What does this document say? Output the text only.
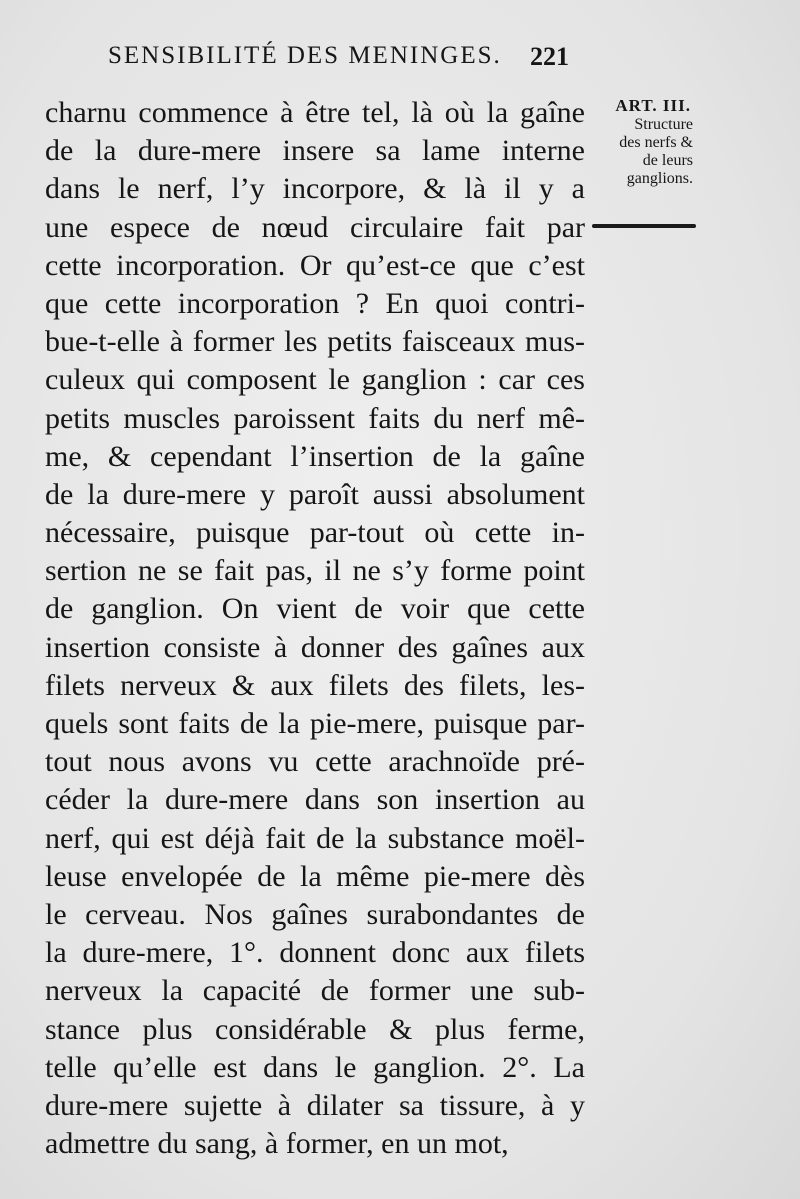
SENSIBILITÉ DES MENINGES. 221
ART. III.
Structure
des nerfs &
de leurs
ganglions.
charnu commence à être tel, là où la gaîne
de la dure-mere insere sa lame interne
dans le nerf, l’y incorpore, & là il y a
une espece de nœud circulaire fait par
cette incorporation. Or qu’est-ce que c’est
que cette incorporation ? En quoi contri-
bue-t-elle à former les petits faisceaux mus-
culeux qui composent le ganglion : car ces
petits muscles paroissent faits du nerf mê-
me, & cependant l’insertion de la gaîne
de la dure-mere y paroît aussi absolument
nécessaire, puisque par-tout où cette in-
sertion ne se fait pas, il ne s’y forme point
de ganglion. On vient de voir que cette
insertion consiste à donner des gaînes aux
filets nerveux & aux filets des filets, les-
quels sont faits de la pie-mere, puisque par-
tout nous avons vu cette arachnoïde pré-
céder la dure-mere dans son insertion au
nerf, qui est déjà fait de la substance moël-
leuse envelopée de la même pie-mere dès
le cerveau. Nos gaînes surabondantes de
la dure-mere, 1°. donnent donc aux filets
nerveux la capacité de former une sub-
stance plus considérable & plus ferme,
telle qu’elle est dans le ganglion. 2°. La
dure-mere sujette à dilater sa tissure, à y
admettre du sang, à former, en un mot,
